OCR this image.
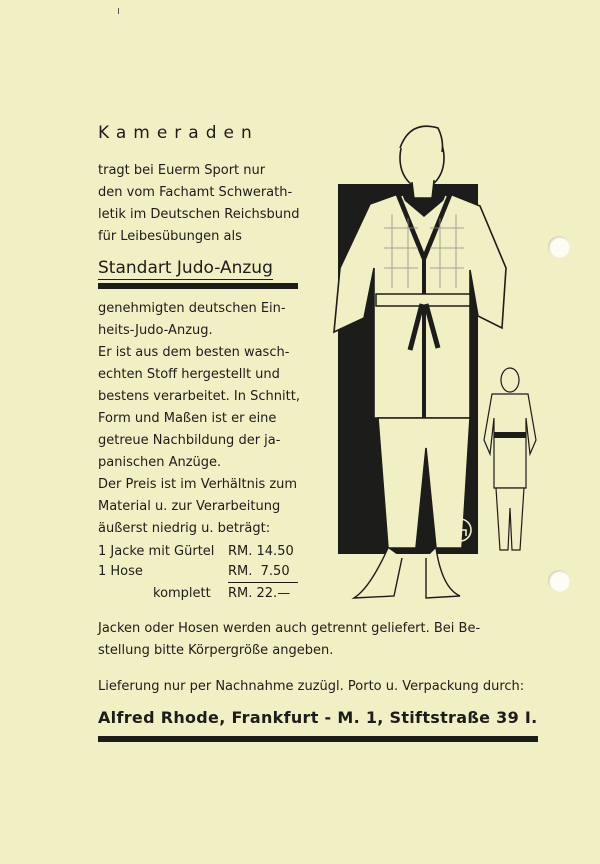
Kameraden
tragt bei Euerm Sport nur
den vom Fachamt Schwerath-
letik im Deutschen Reichsbund
für Leibesübungen als
Standart Judo-Anzug
genehmigten deutschen Ein-
heits-Judo-Anzug.
Er ist aus dem besten wasch-
echten Stoff hergestellt und
bestens verarbeitet. In Schnitt,
Form und Maßen ist er eine
getreue Nachbildung der ja-
panischen Anzüge.
Der Preis ist im Verhältnis zum
Material u. zur Verarbeitung
äußerst niedrig u. beträgt:
1 Jacke mit Gürtel RM. 14.50
1 Hose	RM.  7.50
komplett RM. 22.—
Jacken oder Hosen werden auch getrennt geliefert. Bei Be-
stellung bitte Körpergröße angeben.
Lieferung nur per Nachnahme zuzügl. Porto u. Verpackung durch:
Alfred Rhode, Frankfurt - M. 1, Stiftstraße 39 I.
